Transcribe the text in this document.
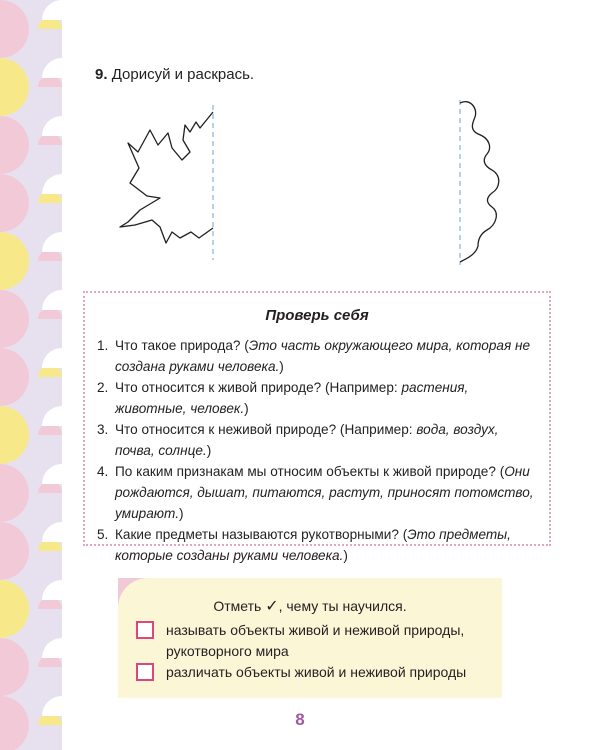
9. Дорисуй и раскрась.
Проверь себя
1. Что такое природа? (Это часть окружающего мира, которая не создана руками человека.)
2. Что относится к живой природе? (Например: растения, животные, человек.)
3. Что относится к неживой природе? (Например: вода, воздух, почва, солнце.)
4. По каким признакам мы относим объекты к живой природе? (Они рождаются, дышат, питаются, растут, приносят потомство, умирают.)
5. Какие предметы называются рукотворными? (Это предметы, которые созданы руками человека.)
Отметь ✓, чему ты научился.
называть объекты живой и неживой природы, рукотворного мира
различать объекты живой и неживой природы
8
